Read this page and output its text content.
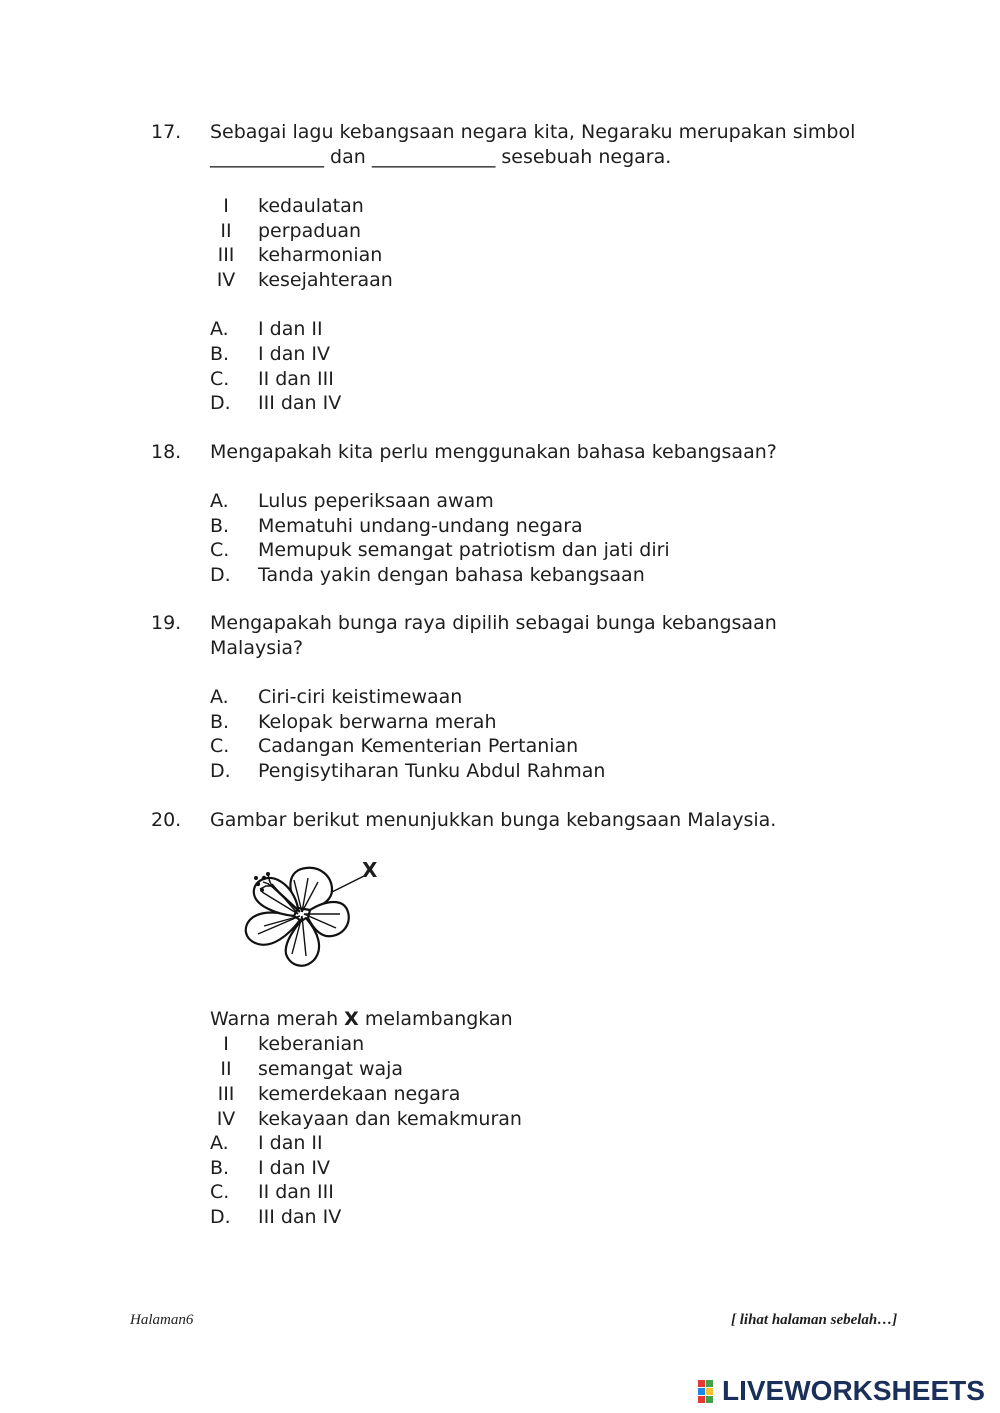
17. Sebagai lagu kebangsaan negara kita, Negaraku merupakan simbol
____________ dan _____________ sesebuah negara.
I	kedaulatan
II	perpaduan
III	keharmonian
IV	kesejahteraan
A. I dan II
B. I dan IV
C. II dan III
D. III dan IV
18. Mengapakah kita perlu menggunakan bahasa kebangsaan?
A. Lulus peperiksaan awam
B. Mematuhi undang-undang negara
C. Memupuk semangat patriotism dan jati diri
D. Tanda yakin dengan bahasa kebangsaan
19. Mengapakah bunga raya dipilih sebagai bunga kebangsaan
Malaysia?
A. Ciri-ciri keistimewaan
B. Kelopak berwarna merah
C. Cadangan Kementerian Pertanian
D. Pengisytiharan Tunku Abdul Rahman
20. Gambar berikut menunjukkan bunga kebangsaan Malaysia.
X
Warna merah X melambangkan
I	keberanian
II	semangat waja
III	kemerdekaan negara
IV	kekayaan dan kemakmuran
A. I dan II
B. I dan IV
C. II dan III
D. III dan IV
Halaman6	[ lihat halaman sebelah…]
LIVEWORKSHEETS
